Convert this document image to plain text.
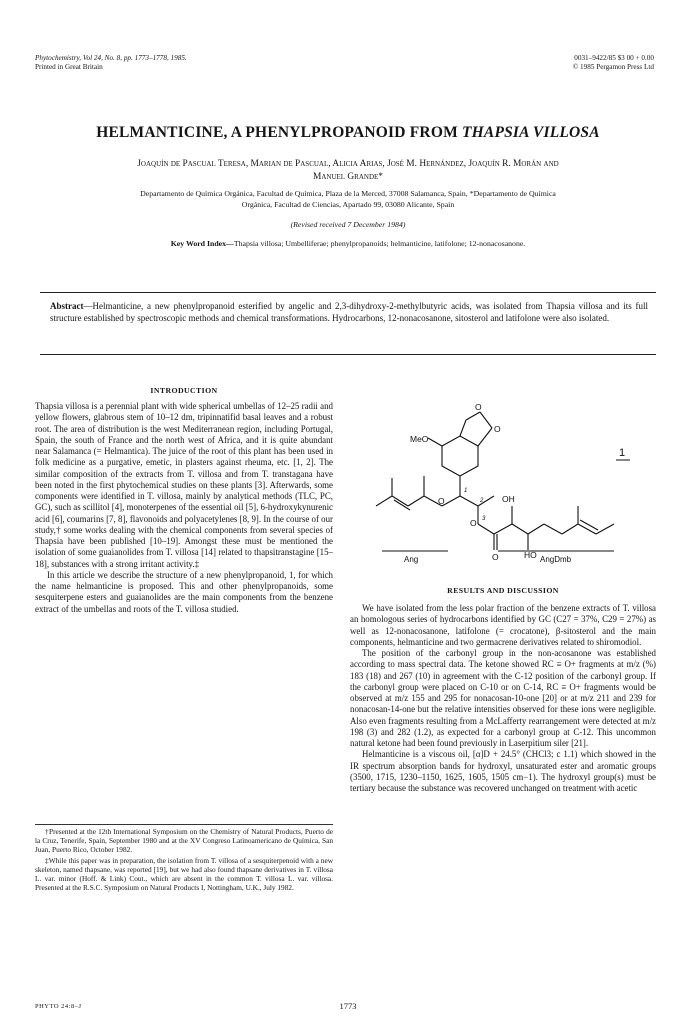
Phytochemistry, Vol 24, No. 8, pp. 1773–1778, 1985.
Printed in Great Britain
0031–9422/85 $3 00 + 0.00
© 1985 Pergamon Press Ltd
HELMANTICINE, A PHENYLPROPANOID FROM THAPSIA VILLOSA
Joaquín de Pascual Teresa, Marian de Pascual, Alicia Arias, José M. Hernández, Joaquín R. Morán and
Manuel Grande*
Departamento de Química Orgánica, Facultad de Química, Plaza de la Merced, 37008 Salamanca, Spain, *Departamento de Química
Orgánica, Facultad de Ciencias, Apartado 99, 03080 Alicante, Spain
(Revised received 7 December 1984)
Key Word Index—Thapsia villosa; Umbelliferae; phenylpropanoids; helmanticine, latifolone; 12-nonacosanone.
Abstract—Helmanticine, a new phenylpropanoid esterified by angelic and 2,3-dihydroxy-2-methylbutyric acids, was isolated from Thapsia villosa and its full structure established by spectroscopic methods and chemical transformations. Hydrocarbons, 12-nonacosanone, sitosterol and latifolone were also isolated.
INTRODUCTION

Thapsia villosa is a perennial plant with wide spherical umbellas of 12–25 radii and yellow flowers, glabrous stem of 10–12 dm, tripinnatifid basal leaves and a robust root. The area of distribution is the west Mediterranean region, including Portugal, Spain, the south of France and the north west of Africa, and it is quite abundant near Salamanca (= Helmantica). The juice of the root of this plant has been used in folk medicine as a purgative, emetic, in plasters against rheuma, etc. [1, 2]. The similar composition of the extracts from T. villosa and from T. transtagana have been noted in the first phytochemical studies on these plants [3]. Afterwards, some components were identified in T. villosa, mainly by analytical methods (TLC, PC, GC), such as scillitol [4], monoterpenes of the essential oil [5], 6-hydroxykynurenic acid [6], coumarins [7, 8], flavonoids and polyacetylenes [8, 9]. In the course of our study,† some works dealing with the chemical components from several species of Thapsia have been published [10–19]. Amongst these must be mentioned the isolation of some guaianolides from T. villosa [14] related to thapsitranstagine [15–18], substances with a strong irritant activity.‡

In this article we describe the structure of a new phenylpropanoid, 1, for which the name helmanticine is proposed. This and other phenylpropanoids, some sesquiterpene esters and guaianolides are the main components from the benzene extract of the umbellas and roots of the T. villosa studied.

†Presented at the 12th International Symposium on the Chemistry of Natural Products, Puerto de la Cruz, Tenerife, Spain, September 1980 and at the XV Congreso Latinoamericano de Química, San Juan, Puerto Rico, October 1982.

‡While this paper was in preparation, the isolation from T. villosa of a sesquiterpenoid with a new skeleton, named thapsane, was reported [19], but we had also found thapsane derivatives in T. villosa L. var. minor (Hoff. & Link) Cout., which are absent in the common T. villosa L. var. villosa. Presented at the R.S.C. Symposium on Natural Products I, Nottingham, U.K., July 1982.

MeO
O
O
O
O
O
OH
HO
1
2
3
1
Ang	AngDmb
RESULTS AND DISCUSSION

We have isolated from the less polar fraction of the benzene extracts of T. villosa an homologous series of hydrocarbons identified by GC (C27 = 37%, C29 = 27%) as well as 12-nonacosanone, latifolone (= crocatone), β-sitosterol and the main components, helmanticine and two germacrene derivatives related to shiromodiol.

The position of the carbonyl group in the non-acosanone was established according to mass spectral data. The ketone showed RC ≡ O+ fragments at m/z (%) 183 (18) and 267 (10) in agreement with the C-12 position of the carbonyl group. If the carbonyl group were placed on C-10 or on C-14, RC ≡ O+ fragments would be observed at m/z 155 and 295 for nonacosan-10-one [20] or at m/z 211 and 239 for nonacosan-14-one but the relative intensities observed for these ions were negligible. Also even fragments resulting from a McLafferty rearrangement were detected at m/z 198 (3) and 282 (1.2), as expected for a carbonyl group at C-12. This uncommon natural ketone had been found previously in Laserpitium siler [21].

Helmanticine is a viscous oil, [α]D + 24.5° (CHCl3; c 1.1) which showed in the IR spectrum absorption bands for hydroxyl, unsaturated ester and aromatic groups (3500, 1715, 1230–1150, 1625, 1605, 1505 cm−1). The hydroxyl group(s) must be tertiary because the substance was recovered unchanged on treatment with acetic

PHYTO 24:8–J	1773
